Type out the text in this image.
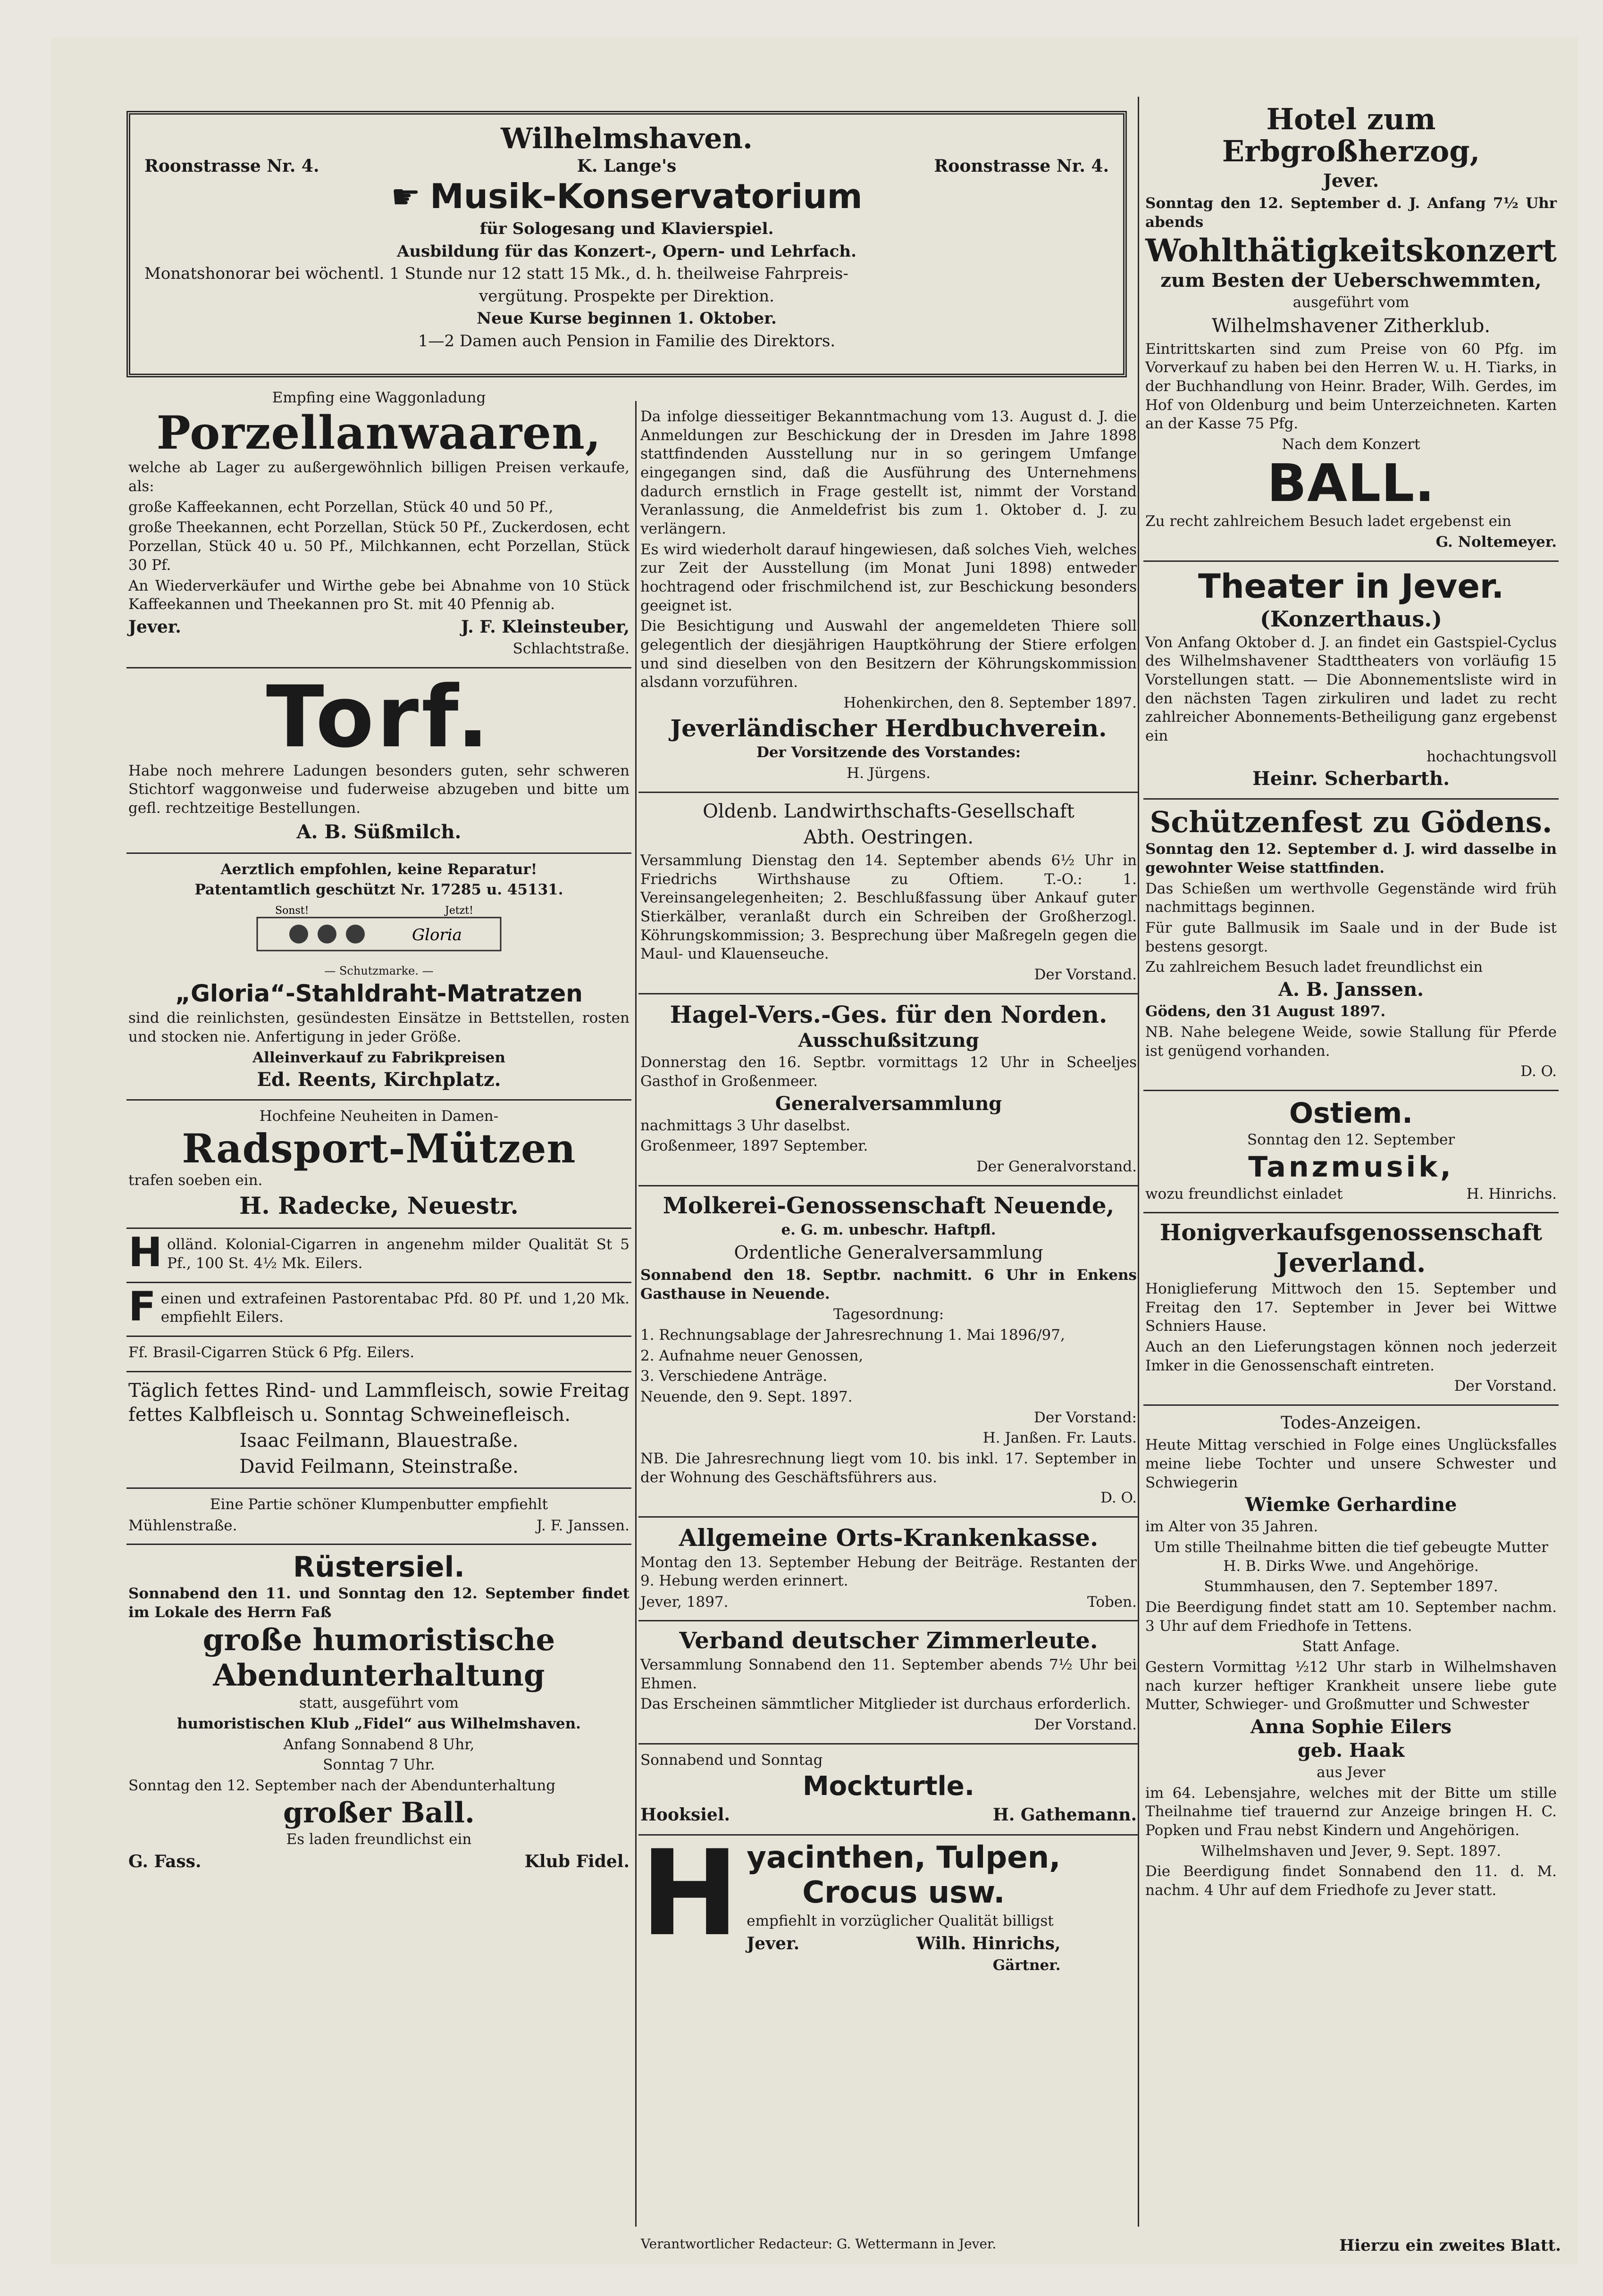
Wilhelmshaven.
Roonstrasse Nr. 4.	K. Lange's	Roonstrasse Nr. 4.
☛ Musik-Konservatorium

für Sologesang und Klavierspiel.

Ausbildung für das Konzert-, Opern- und Lehrfach.

Monatshonorar bei wöchentl. 1 Stunde nur 12 statt 15 Mk., d. h. theilweise Fahrpreis-

vergütung. Prospekte per Direktion.

Neue Kurse beginnen 1. Oktober.

1—2 Damen auch Pension in Familie des Direktors.

Empfing eine Waggonladung

Porzellanwaaren,

welche ab Lager zu außergewöhnlich billigen Preisen verkaufe, als:

große Kaffeekannen, echt Porzellan, Stück 40 und 50 Pf.,

große Theekannen, echt Porzellan, Stück 50 Pf., Zuckerdosen, echt Porzellan, Stück 40 u. 50 Pf., Milchkannen, echt Porzellan, Stück 30 Pf.

An Wiederverkäufer und Wirthe gebe bei Abnahme von 10 Stück Kaffeekannen und Theekannen pro St. mit 40 Pfennig ab.

Jever.	J. F. Kleinsteuber,

Schlachtstraße.

Torf.

Habe noch mehrere Ladungen besonders guten, sehr schweren Stichtorf waggonweise und fuderweise abzugeben und bitte um gefl. rechtzeitige Bestellungen.

A. B. Süßmilch.

Aerztlich empfohlen, keine Reparatur!

Patentamtlich geschützt Nr. 17285 u. 45131.

Sonst!	Jetzt!
Gloria

— Schutzmarke. —

„Gloria“-Stahldraht-Matratzen

sind die reinlichsten, gesündesten Einsätze in Bettstellen, rosten und stocken nie. Anfertigung in jeder Größe.

Alleinverkauf zu Fabrikpreisen

Ed. Reents, Kirchplatz.

Hochfeine Neuheiten in Damen-

Radsport-Mützen

trafen soeben ein.

H. Radecke, Neuestr.
H olländ. Kolonial-Cigarren in angenehm milder Qualität St 5 Pf., 100 St. 4½ Mk. Eilers.

F einen und extrafeinen Pastorentabac Pfd. 80 Pf. und 1,20 Mk. empfiehlt Eilers.

Ff. Brasil-Cigarren Stück 6 Pfg. Eilers.

Täglich fettes Rind- und Lammfleisch, sowie Freitag fettes Kalbfleisch u. Sonntag Schweinefleisch.

Isaac Feilmann, Blauestraße.

David Feilmann, Steinstraße.

Eine Partie schöner Klumpenbutter empfiehlt

Mühlenstraße.	J. F. Janssen.
Rüstersiel.

Sonnabend den 11. und Sonntag den 12. September findet im Lokale des Herrn Faß

große humoristische
Abendunterhaltung

statt, ausgeführt vom

humoristischen Klub „Fidel“ aus Wilhelmshaven.

Anfang Sonnabend 8 Uhr,

Sonntag 7 Uhr.

Sonntag den 12. September nach der Abendunterhaltung

großer Ball.

Es laden freundlichst ein

G. Fass.	Klub Fidel.

Da infolge diesseitiger Bekanntmachung vom 13. August d. J. die Anmeldungen zur Beschickung der in Dresden im Jahre 1898 stattfindenden Ausstellung nur in so geringem Umfange eingegangen sind, daß die Ausführung des Unternehmens dadurch ernstlich in Frage gestellt ist, nimmt der Vorstand Veranlassung, die Anmeldefrist bis zum 1. Oktober d. J. zu verlängern.

Es wird wiederholt darauf hingewiesen, daß solches Vieh, welches zur Zeit der Ausstellung (im Monat Juni 1898) entweder hochtragend oder frischmilchend ist, zur Beschickung besonders geeignet ist.

Die Besichtigung und Auswahl der angemeldeten Thiere soll gelegentlich der diesjährigen Hauptköhrung der Stiere erfolgen und sind dieselben von den Besitzern der Köhrungskommission alsdann vorzuführen.

Hohenkirchen, den 8. September 1897.

Jeverländischer Herdbuchverein.

Der Vorsitzende des Vorstandes:

H. Jürgens.

Oldenb. Landwirthschafts-Gesellschaft

Abth. Oestringen.

Versammlung Dienstag den 14. September abends 6½ Uhr in Friedrichs Wirthshause zu Oftiem. T.-O.: 1. Vereinsangelegenheiten; 2. Beschlußfassung über Ankauf guter Stierkälber, veranlaßt durch ein Schreiben der Großherzogl. Köhrungskommission; 3. Besprechung über Maßregeln gegen die Maul- und Klauenseuche.

Der Vorstand.

Hagel-Vers.-Ges. für den Norden.
Ausschußsitzung

Donnerstag den 16. Septbr. vormittags 12 Uhr in Scheeljes Gasthof in Großenmeer.

Generalversammlung

nachmittags 3 Uhr daselbst.

Großenmeer, 1897 September.

Der Generalvorstand.

Molkerei-Genossenschaft Neuende,

e. G. m. unbeschr. Haftpfl.

Ordentliche Generalversammlung

Sonnabend den 18. Septbr. nachmitt. 6 Uhr in Enkens Gasthause in Neuende.

Tagesordnung:

1. Rechnungsablage der Jahresrechnung 1. Mai 1896/97,

2. Aufnahme neuer Genossen,

3. Verschiedene Anträge.

Neuende, den 9. Sept. 1897.

Der Vorstand:

H. Janßen. Fr. Lauts.

NB. Die Jahresrechnung liegt vom 10. bis inkl. 17. September in der Wohnung des Geschäftsführers aus.

D. O.

Allgemeine Orts-Krankenkasse.

Montag den 13. September Hebung der Beiträge. Restanten der 9. Hebung werden erinnert.

Jever, 1897.	Toben.
Verband deutscher Zimmerleute.

Versammlung Sonnabend den 11. September abends 7½ Uhr bei Ehmen.

Das Erscheinen sämmtlicher Mitglieder ist durchaus erforderlich.

Der Vorstand.

Sonnabend und Sonntag

Mockturtle.
Hooksiel.	H. Gathemann.
H yacinthen, Tulpen,
Crocus usw.

empfiehlt in vorzüglicher Qualität billigst

Jever.	Wilh. Hinrichs,

Gärtner.

Hotel zum Erbgroßherzog,

Jever.

Sonntag den 12. September d. J. Anfang 7½ Uhr abends

Wohlthätigkeitskonzert
zum Besten der Ueberschwemmten,

ausgeführt vom

Wilhelmshavener Zitherklub.

Eintrittskarten sind zum Preise von 60 Pfg. im Vorverkauf zu haben bei den Herren W. u. H. Tiarks, in der Buchhandlung von Heinr. Brader, Wilh. Gerdes, im Hof von Oldenburg und beim Unterzeichneten. Karten an der Kasse 75 Pfg.

Nach dem Konzert

BALL.

Zu recht zahlreichem Besuch ladet ergebenst ein

G. Noltemeyer.

Theater in Jever.
(Konzerthaus.)

Von Anfang Oktober d. J. an findet ein Gastspiel-Cyclus des Wilhelmshavener Stadttheaters von vorläufig 15 Vorstellungen statt. — Die Abonnementsliste wird in den nächsten Tagen zirkuliren und ladet zu recht zahlreicher Abonnements-Betheiligung ganz ergebenst ein

hochachtungsvoll

Heinr. Scherbarth.
Schützenfest zu Gödens.

Sonntag den 12. September d. J. wird dasselbe in gewohnter Weise stattfinden.

Das Schießen um werthvolle Gegenstände wird früh nachmittags beginnen.

Für gute Ballmusik im Saale und in der Bude ist bestens gesorgt.

Zu zahlreichem Besuch ladet freundlichst ein

A. B. Janssen.

Gödens, den 31 August 1897.

NB. Nahe belegene Weide, sowie Stallung für Pferde ist genügend vorhanden.

D. O.

Ostiem.

Sonntag den 12. September

Tanzmusik,
wozu freundlichst einladet	H. Hinrichs.
Honigverkaufsgenossenschaft
Jeverland.

Honiglieferung Mittwoch den 15. September und Freitag den 17. September in Jever bei Wittwe Schniers Hause.

Auch an den Lieferungstagen können noch jederzeit Imker in die Genossenschaft eintreten.

Der Vorstand.

Todes-Anzeigen.

Heute Mittag verschied in Folge eines Unglücksfalles meine liebe Tochter und unsere Schwester und Schwiegerin

Wiemke Gerhardine

im Alter von 35 Jahren.

Um stille Theilnahme bitten die tief gebeugte Mutter H. B. Dirks Wwe. und Angehörige.

Stummhausen, den 7. September 1897.

Die Beerdigung findet statt am 10. September nachm. 3 Uhr auf dem Friedhofe in Tettens.

Statt Anfage.

Gestern Vormittag ½12 Uhr starb in Wilhelmshaven nach kurzer heftiger Krankheit unsere liebe gute Mutter, Schwieger- und Großmutter und Schwester

Anna Sophie Eilers
geb. Haak

aus Jever

im 64. Lebensjahre, welches mit der Bitte um stille Theilnahme tief trauernd zur Anzeige bringen H. C. Popken und Frau nebst Kindern und Angehörigen.

Wilhelmshaven und Jever, 9. Sept. 1897.

Die Beerdigung findet Sonnabend den 11. d. M. nachm. 4 Uhr auf dem Friedhofe zu Jever statt.

Verantwortlicher Redacteur: G. Wettermann in Jever.	Hierzu ein zweites Blatt.
